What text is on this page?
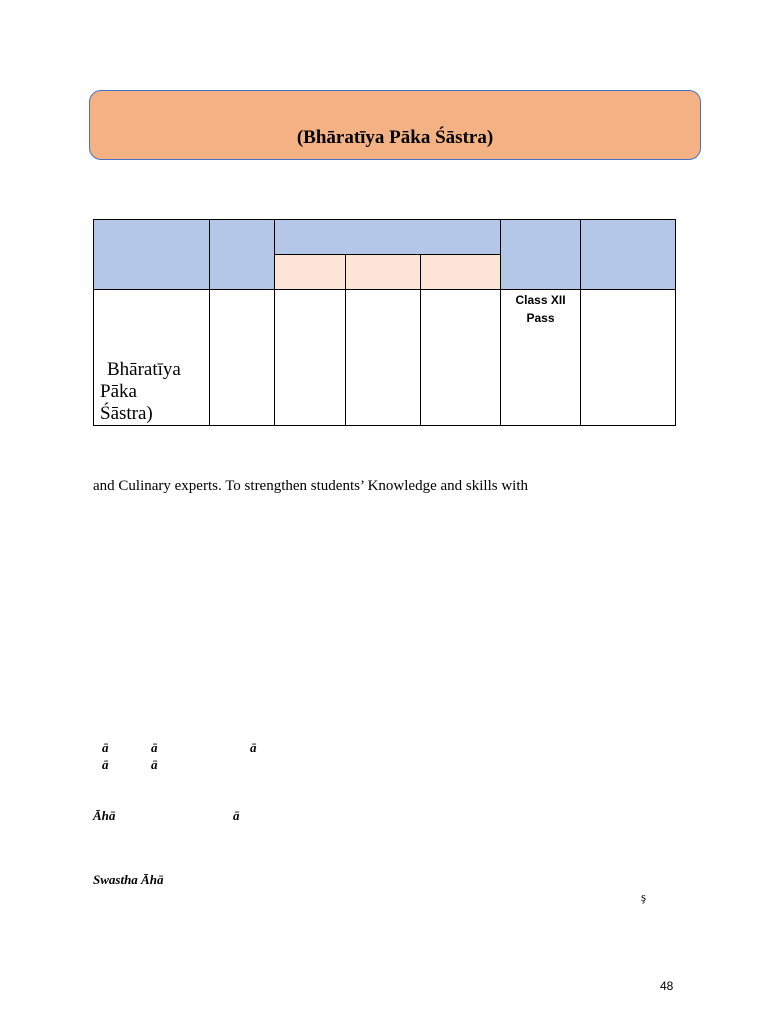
(Bhāratīya Pāka Śāstra)

Bhāratīya
Pāka
Śāstra)					Class XII
Pass	

and Culinary experts. To strengthen students’ Knowledge and skills with
ā	ā	ā
ā	ā
Āhā	ā
Swastha Āhā
ş
48
